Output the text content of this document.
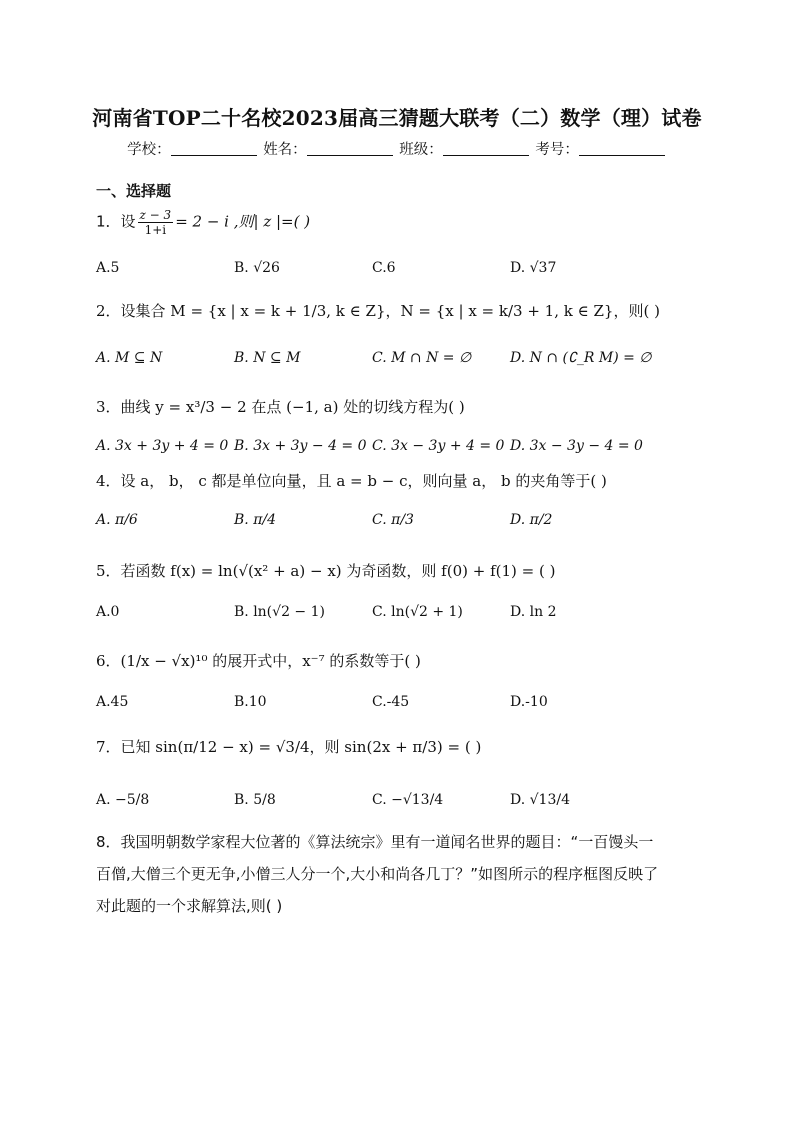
河南省TOP二十名校2023届高三猜题大联考（二）数学（理）试卷
学校：	姓名：	班级：	考号：
一、选择题
1．设 $\frac{z - 3}{1+i} = 2 - i$ ,则| z |=( )
A.5	B. √26	C.6	D. √37
2．设集合 M = {x | x = k + 1/3, k ∈ Z}，N = {x | x = k/3 + 1, k ∈ Z}，则( )
A. M ⊆ N	B. N ⊆ M	C. M ∩ N = ∅	D. N ∩ (∁_R M) = ∅
3．曲线 y = x³/3 − 2 在点 (−1, a) 处的切线方程为( )
A. 3x + 3y + 4 = 0 B. 3x + 3y − 4 = 0 C. 3x − 3y + 4 = 0 D. 3x − 3y − 4 = 0
4．设 a， b， c 都是单位向量，且 a = b − c，则向量 a， b 的夹角等于( )
A. π/6	B. π/4	C. π/3	D. π/2
5．若函数 f(x) = ln(√(x² + a) − x) 为奇函数，则 f(0) + f(1) = ( )
A.0	B. ln(√2 − 1)	C. ln(√2 + 1)	D. ln 2
6．(1/x − √x)¹⁰ 的展开式中，x⁻⁷ 的系数等于( )
A.45	B.10	C.-45	D.-10
7．已知 sin(π/12 − x) = √3/4，则 sin(2x + π/3) = ( )
A. −5/8	B. 5/8	C. −√13/4	D. √13/4
8．我国明朝数学家程大位著的《算法统宗》里有一道闻名世界的题目：“一百馒头一
百僧,大僧三个更无争,小僧三人分一个,大小和尚各几丁？”如图所示的程序框图反映了
对此题的一个求解算法,则( )
